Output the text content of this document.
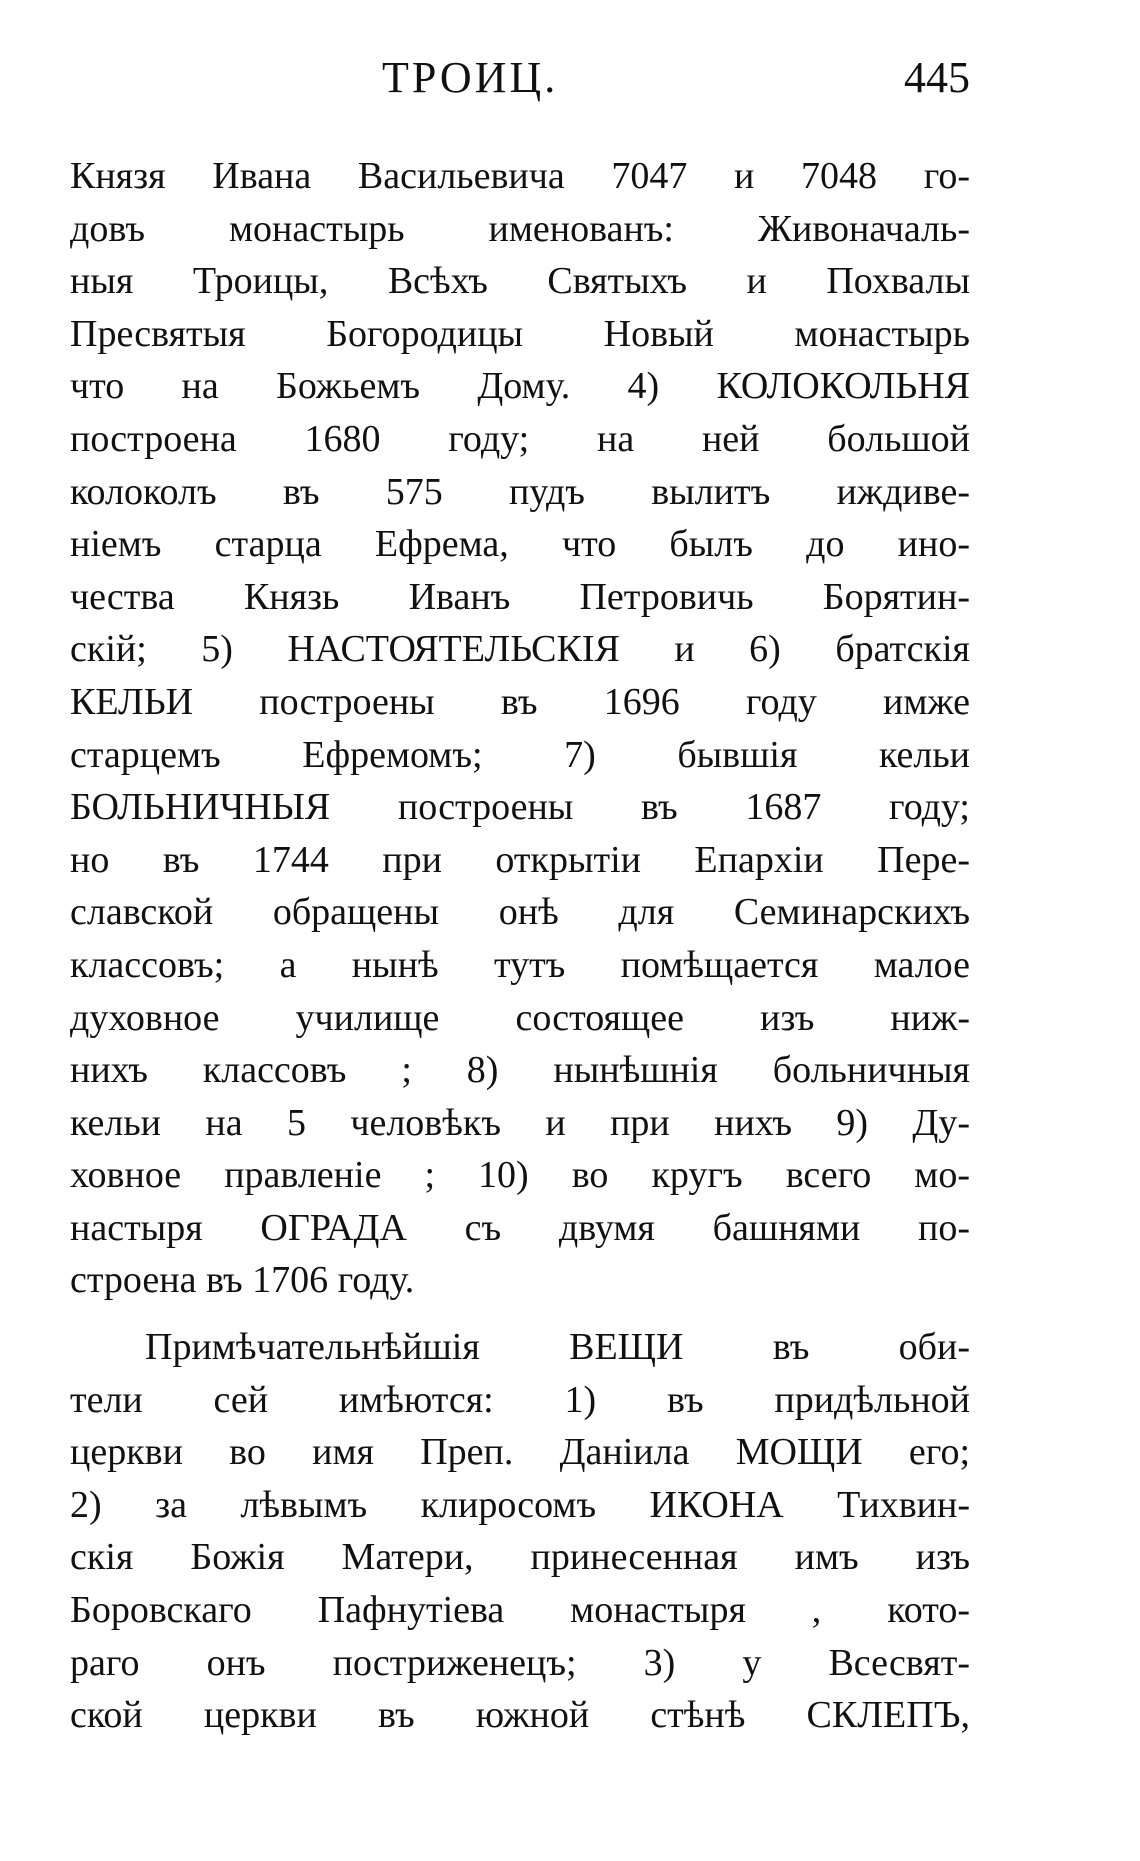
ТРОИЦ.	445
Князя Ивана Васильевича 7047 и 7048 го-
довъ монастырь именованъ: Живоначаль-
ныя Троицы, Всѣхъ Святыхъ и Похвалы
Пресвятыя Богородицы Новый монастырь
что на Божьемъ Дому. 4) КОЛОКОЛЬНЯ
построена 1680 году; на ней большой
колоколъ въ 575 пудъ вылитъ иждиве-
ніемъ старца Ефрема, что былъ до ино-
чества Князь Иванъ Петровичь Борятин-
скій; 5) НАСТОЯТЕЛЬСКІЯ и 6) братскія
КЕЛЬИ построены въ 1696 году имже
старцемъ Ефремомъ; 7) бывшія кельи
БОЛЬНИЧНЫЯ построены въ 1687 году;
но въ 1744 при открытіи Епархіи Пере-
славской обращены онѣ для Семинарскихъ
классовъ; а нынѣ тутъ помѣщается малое
духовное училище состоящее изъ ниж-
нихъ классовъ ; 8) нынѣшнія больничныя
кельи на 5 человѣкъ и при нихъ 9) Ду-
ховное правленіе ; 10) во кругъ всего мо-
настыря ОГРАДА съ двумя башнями по-
строена въ 1706 году.
Примѣчательнѣйшія ВЕЩИ въ оби-
тели сей имѣются: 1) въ придѣльной
церкви во имя Преп. Даніила МОЩИ его;
2) за лѣвымъ клиросомъ ИКОНА Тихвин-
скія Божія Матери, принесенная имъ изъ
Боровскаго Пафнутіева монастыря , кото-
раго онъ постриженецъ; 3) у Всесвят-
ской церкви въ южной стѣнѣ СКЛЕПЪ,
